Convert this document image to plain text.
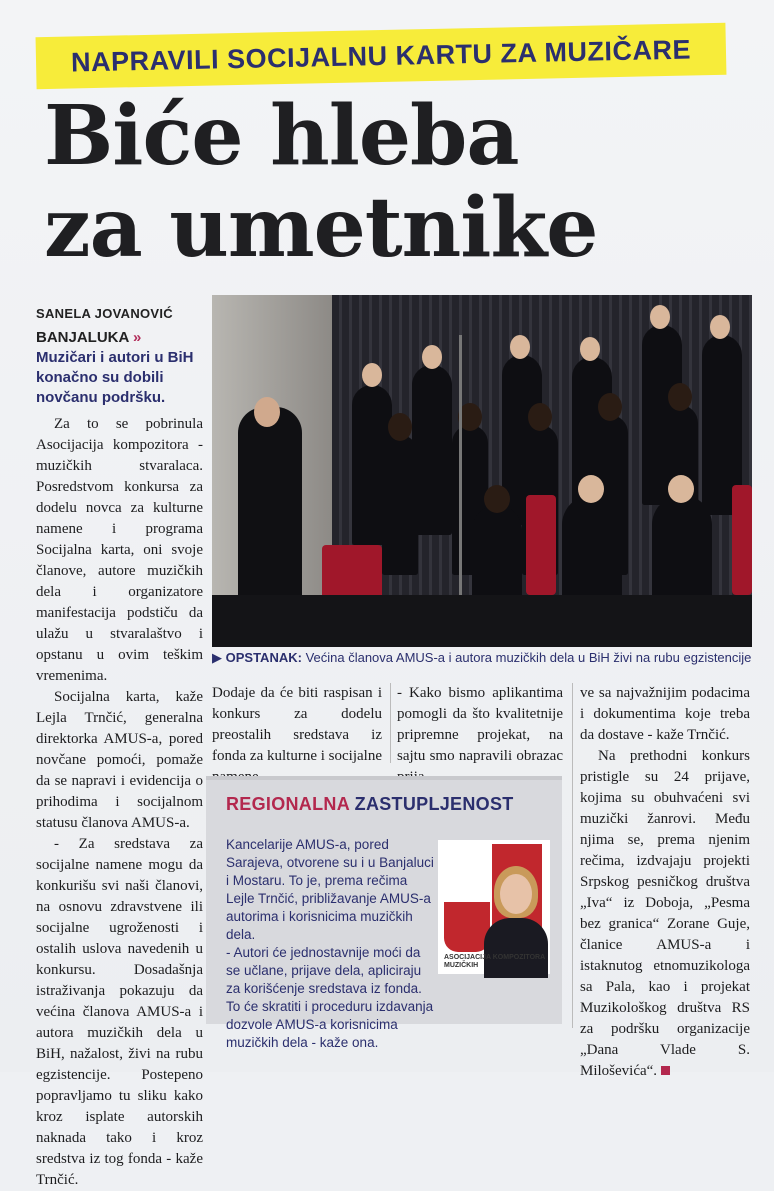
NAPRAVILI SOCIJALNU KARTU ZA MUZIČARE
Biće hleba
za umetnike
SANELA JOVANOVIĆ
BANJALUKA » Muzičari i autori u BiH konačno su dobili novčanu podršku.

Za to se pobrinula Asocijacija kompozitora - muzičkih stvaralaca. Posredstvom konkursa za dodelu novca za kulturne namene i programa Socijalna karta, oni svoje članove, autore muzičkih dela i organizatore manifestacija podstiču da ulažu u stvaralaštvo i opstanu u ovim teškim vremenima.

Socijalna karta, kaže Lejla Trnčić, generalna direktorka AMUS-a, pored novčane pomoći, pomaže da se napravi i evidencija o prihodima i socijalnom statusu članova AMUS-a.

- Za sredstava za socijalne namene mogu da konkurišu svi naši članovi, na osnovu zdravstvene ili socijalne ugroženosti i ostalih uslova navedenih u konkursu. Dosadašnja istraživanja pokazuju da većina članova AMUS-a i autora muzičkih dela u BiH, nažalost, živi na rubu egzistencije. Postepeno popravljamo tu sliku kako kroz isplate autorskih naknada tako i kroz sredstva iz tog fonda - kaže Trnčić.

▶ OPSTANAK: Većina članova AMUS-a i autora muzičkih dela u BiH živi na rubu egzistencije

Dodaje da će biti raspisan i konkurs za dodelu preostalih sredstava iz fonda za kulturne i socijalne

- Kako bismo aplikantima pomogli da što kvalitetnije pripremne projekat, na sajtu smo napravili obrazac

ve sa najvažnijim podacima i dokumentima koje treba da dostave - kaže Trnčić.

Na prethodni konkurs pristigle su 24 prijave, kojima su obuhvaćeni svi muzički žanrovi. Među njima se, prema njenim rečima, izdvajaju projekti Srpskog pesničkog društva „Iva“ iz Doboja, „Pesma bez granica“ Zorane Guje, članice AMUS-a i istaknutog etnomuzikologa sa Pala, kao i projekat Muzikološkog društva RS za podršku organizacije „Dana Vlade S. Miloševića“.

REGIONALNA ZASTUPLJENOST

Kancelarije AMUS-a, pored Sarajeva, otvorene su i u Banjaluci i Mostaru. To je, prema rečima Lejle Trnčić, približavanje AMUS-a autorima i korisnicima muzičkih dela.

- Autori će jednostavnije moći da se učlane, prijave dela, apliciraju za korišćenje sredstava iz fonda. To će skratiti i proceduru izdavanja dozvole AMUS-a korisnicima muzičkih dela - kaže ona.

ASOCIJACIJA KOMPOZITORA MUZIČKIH
